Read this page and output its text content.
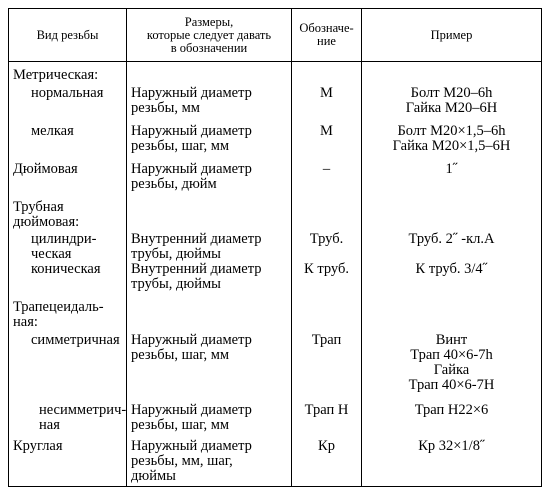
Вид резьбы	Размеры,
которые следует давать
в обозначении	Обозначе-
ние	Пример
Метрическая:			
нормальная	Наружный диаметр
резьбы, мм	М	Болт М20–6h
Гайка М20–6H
мелкая	Наружный диаметр
резьбы, шаг, мм	М	Болт М20×1,5–6h
Гайка М20×1,5–6H
Дюймовая	Наружный диаметр
резьбы, дюйм	–	1˝
Трубная
дюймовая:			
цилиндри-
ческая	Внутренний диаметр
трубы, дюймы	Труб.	Труб. 2˝ -кл.А
коническая	Внутренний диаметр
трубы, дюймы	К труб.	К труб. 3/4˝
Трапецеидаль-
ная:			
симметричная	Наружный диаметр
резьбы, шаг, мм	Трап	Винт
Трап 40×6-7h
Гайка
Трап 40×6-7H
несимметрич-
ная	Наружный диаметр
резьбы, шаг, мм	Трап Н	Трап Н22×6
Круглая	Наружный диаметр
резьбы, мм, шаг,
дюймы	Кр	Кр 32×1/8˝
